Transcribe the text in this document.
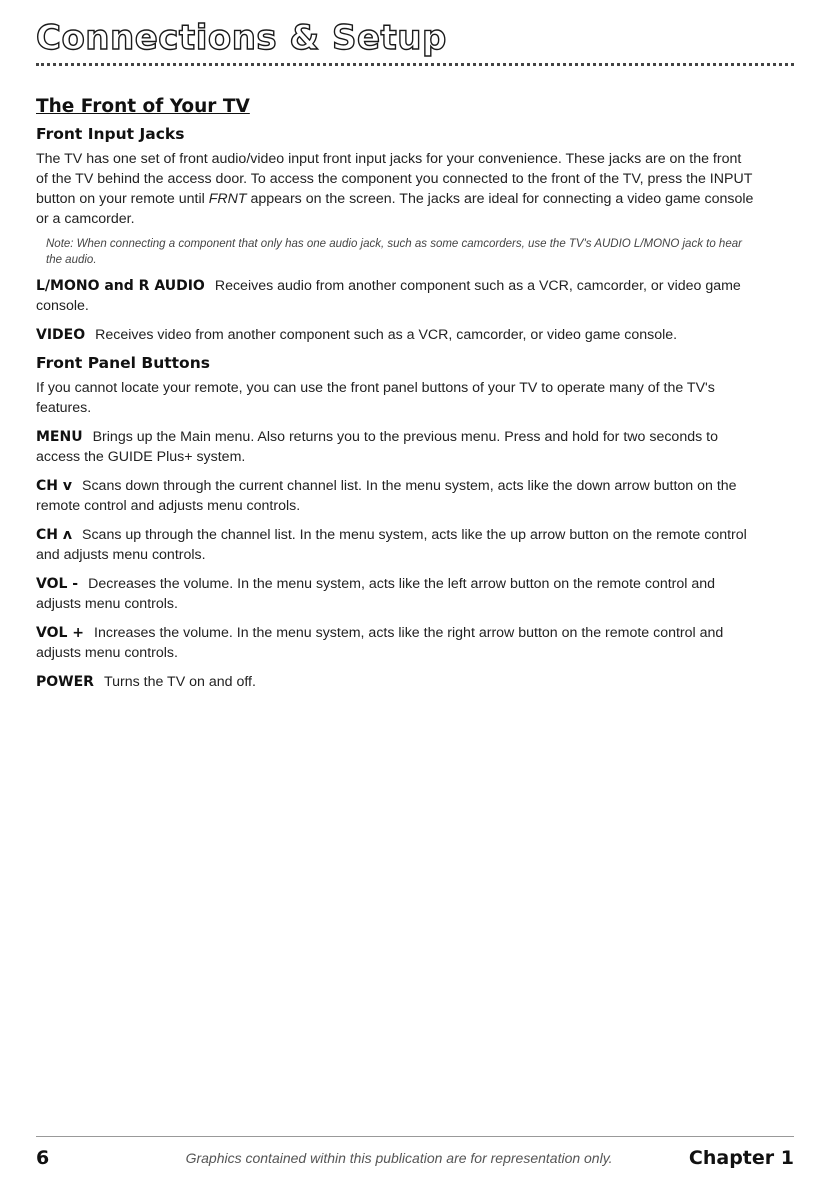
Connections & Setup
The Front of Your TV
Front Input Jacks

The TV has one set of front audio/video input front input jacks for your convenience. These jacks are on the front of the TV behind the access door. To access the component you connected to the front of the TV, press the INPUT button on your remote until FRNT appears on the screen. The jacks are ideal for connecting a video game console or a camcorder.

Note: When connecting a component that only has one audio jack, such as some camcorders, use the TV's AUDIO L/MONO jack to hear the audio.

L/MONO and R AUDIO Receives audio from another component such as a VCR, camcorder, or video game console.

VIDEO Receives video from another component such as a VCR, camcorder, or video game console.

Front Panel Buttons

If you cannot locate your remote, you can use the front panel buttons of your TV to operate many of the TV's features.

MENU Brings up the Main menu. Also returns you to the previous menu. Press and hold for two seconds to access the GUIDE Plus+ system.

CH v Scans down through the current channel list. In the menu system, acts like the down arrow button on the remote control and adjusts menu controls.

CH ʌ Scans up through the channel list. In the menu system, acts like the up arrow button on the remote control and adjusts menu controls.

VOL - Decreases the volume. In the menu system, acts like the left arrow button on the remote control and adjusts menu controls.

VOL + Increases the volume. In the menu system, acts like the right arrow button on the remote control and adjusts menu controls.

POWER Turns the TV on and off.

6	Graphics contained within this publication are for representation only.	Chapter 1
